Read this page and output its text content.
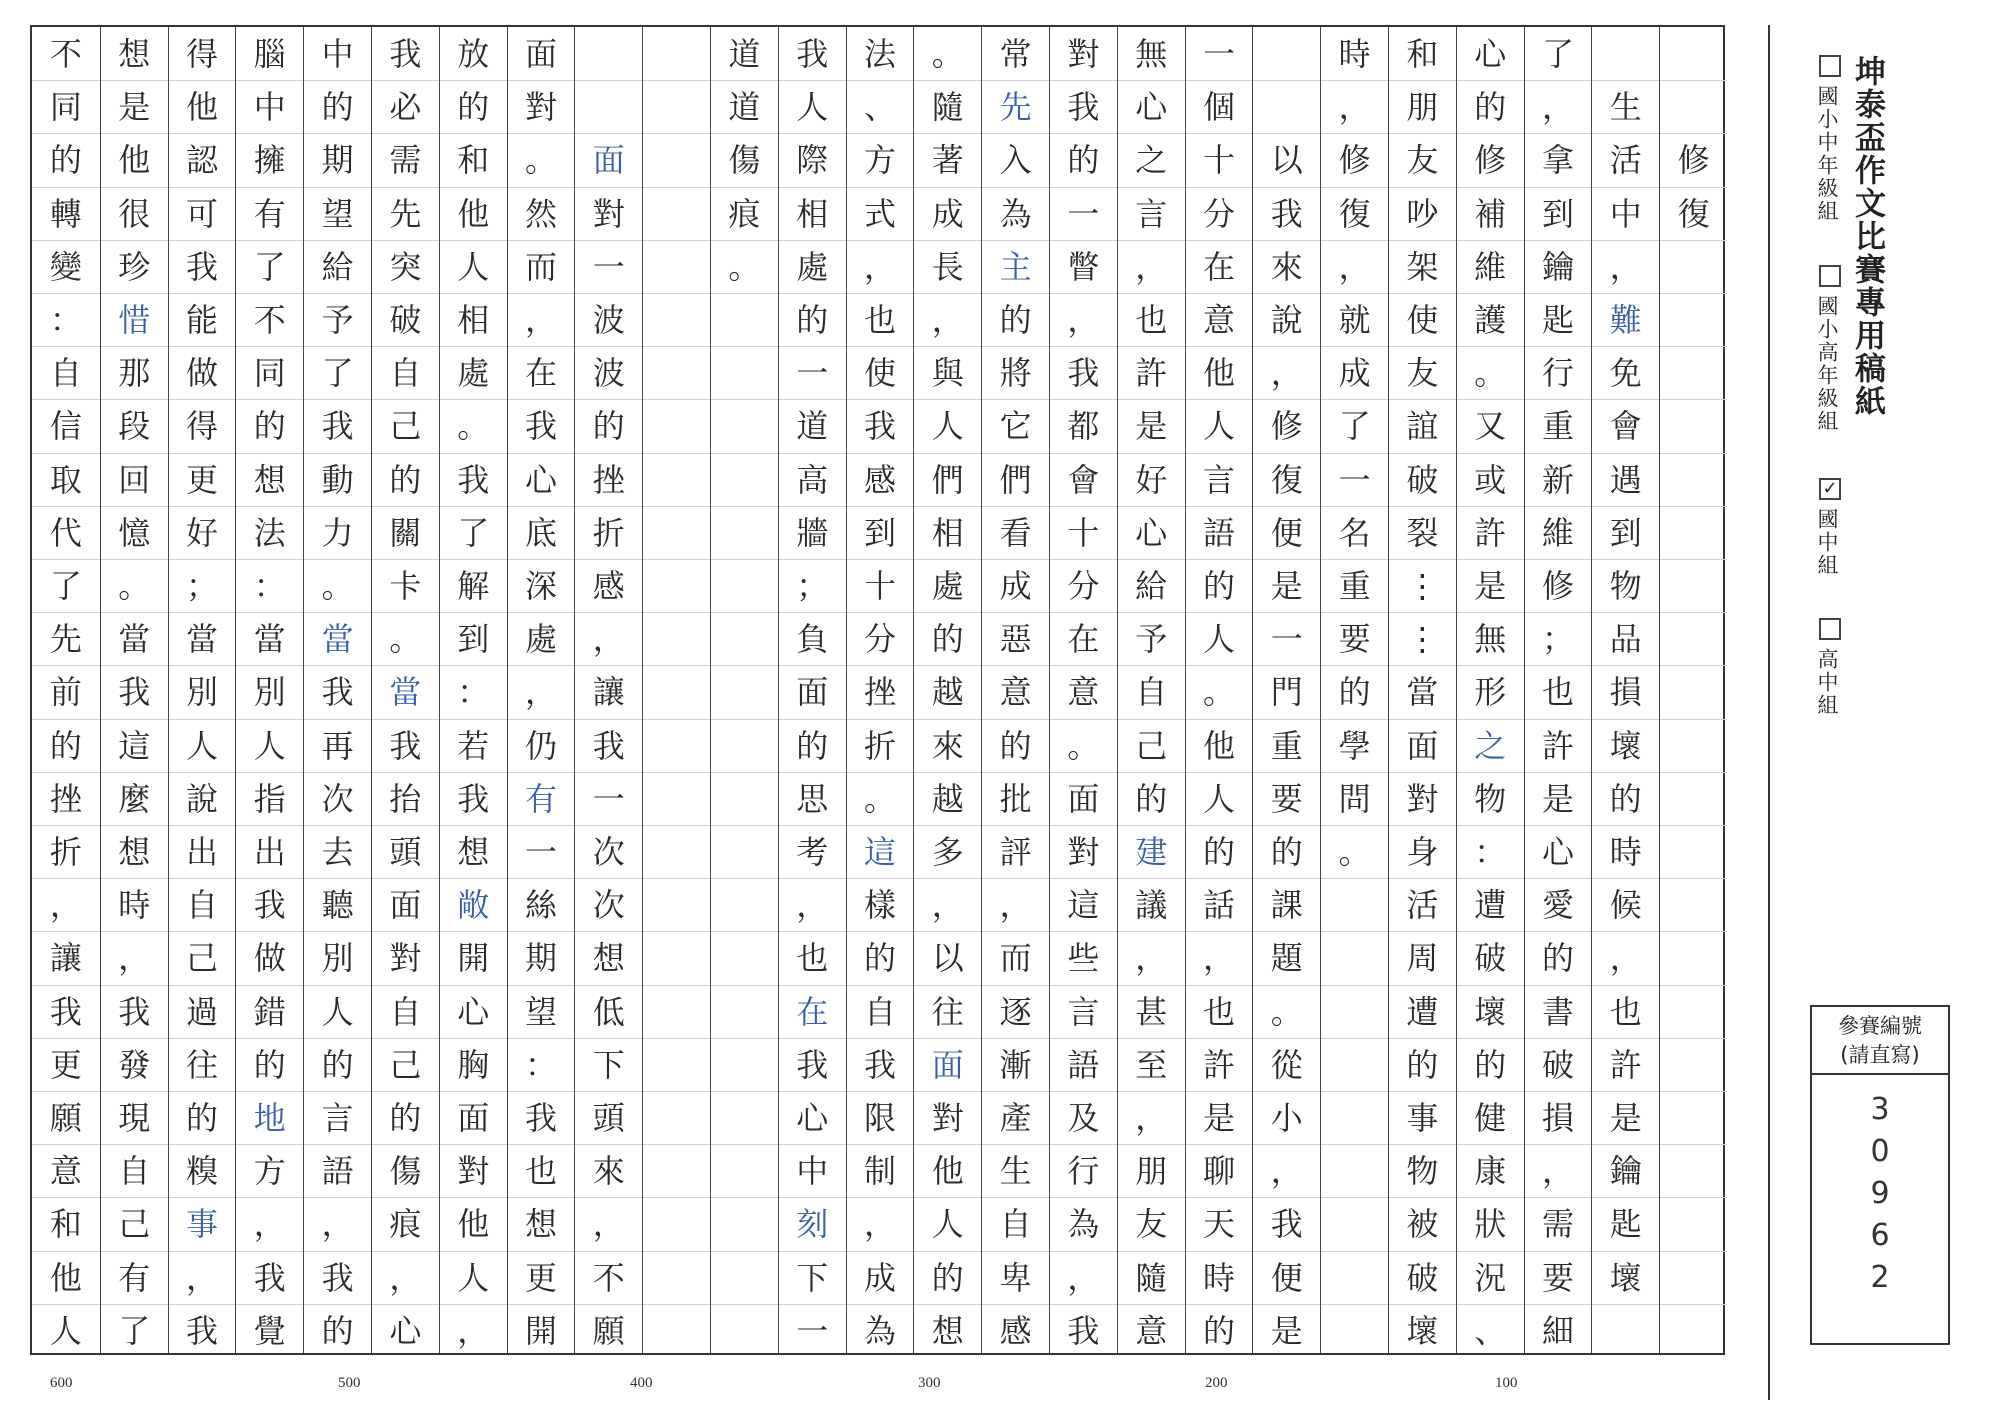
修
復
生
活
中
，
難
免
會
遇
到
物
品
損
壞
的
時
候
，
也
許
是
鑰
匙
壞
了
，
拿
到
鑰
匙
行
重
新
維
修
；
也
許
是
心
愛
的
書
破
損
，
需
要
細
心
的
修
補
維
護
。
又
或
許
是
無
形
之
物
：
遭
破
壞
的
健
康
狀
況
、
和
朋
友
吵
架
使
友
誼
破
裂
⋮
⋮
當
面
對
身
活
周
遭
的
事
物
被
破
壞
時
，
修
復
，
就
成
了
一
名
重
要
的
學
問
。
以
我
來
說
，
修
復
便
是
一
門
重
要
的
課
題
。
從
小
，
我
便
是
一
個
十
分
在
意
他
人
言
語
的
人
。
他
人
的
話
，
也
許
是
聊
天
時
的
無
心
之
言
，
也
許
是
好
心
給
予
自
己
的
建
議
，
甚
至
，
朋
友
隨
意
對
我
的
一
瞥
，
我
都
會
十
分
在
意
。
面
對
這
些
言
語
及
行
為
，
我
常
先
入
為
主
的
將
它
們
看
成
惡
意
的
批
評
，
而
逐
漸
產
生
自
卑
感
。
隨
著
成
長
，
與
人
們
相
處
的
越
來
越
多
，
以
往
面
對
他
人
的
想
法
、
方
式
，
也
使
我
感
到
十
分
挫
折
。
這
樣
的
自
我
限
制
，
成
為
我
人
際
相
處
的
一
道
高
牆
；
負
面
的
思
考
，
也
在
我
心
中
刻
下
一
道
道
傷
痕
。
面
對
一
波
波
的
挫
折
感
，
讓
我
一
次
次
想
低
下
頭
來
，
不
願
面
對
。
然
而
，
在
我
心
底
深
處
，
仍
有
一
絲
期
望
：
我
也
想
更
開
放
的
和
他
人
相
處
。
我
了
解
到
：
若
我
想
敞
開
心
胸
面
對
他
人
，
我
必
需
先
突
破
自
己
的
關
卡
。
當
我
抬
頭
面
對
自
己
的
傷
痕
，
心
中
的
期
望
給
予
了
我
動
力
。
當
我
再
次
去
聽
別
人
的
言
語
，
我
的
腦
中
擁
有
了
不
同
的
想
法
：
當
別
人
指
出
我
做
錯
的
地
方
，
我
覺
得
他
認
可
我
能
做
得
更
好
；
當
別
人
說
出
自
己
過
往
的
糗
事
，
我
想
是
他
很
珍
惜
那
段
回
憶
。
當
我
這
麼
想
時
，
我
發
現
自
己
有
了
不
同
的
轉
變
：
自
信
取
代
了
先
前
的
挫
折
，
讓
我
更
願
意
和
他
人
坤泰盃作文比賽專用稿紙
國小中年級組
國小高年級組
✓
國中組
高中組
參賽編號
(請直寫)
3
0
9
6
2
600	500	400	300	200	100
